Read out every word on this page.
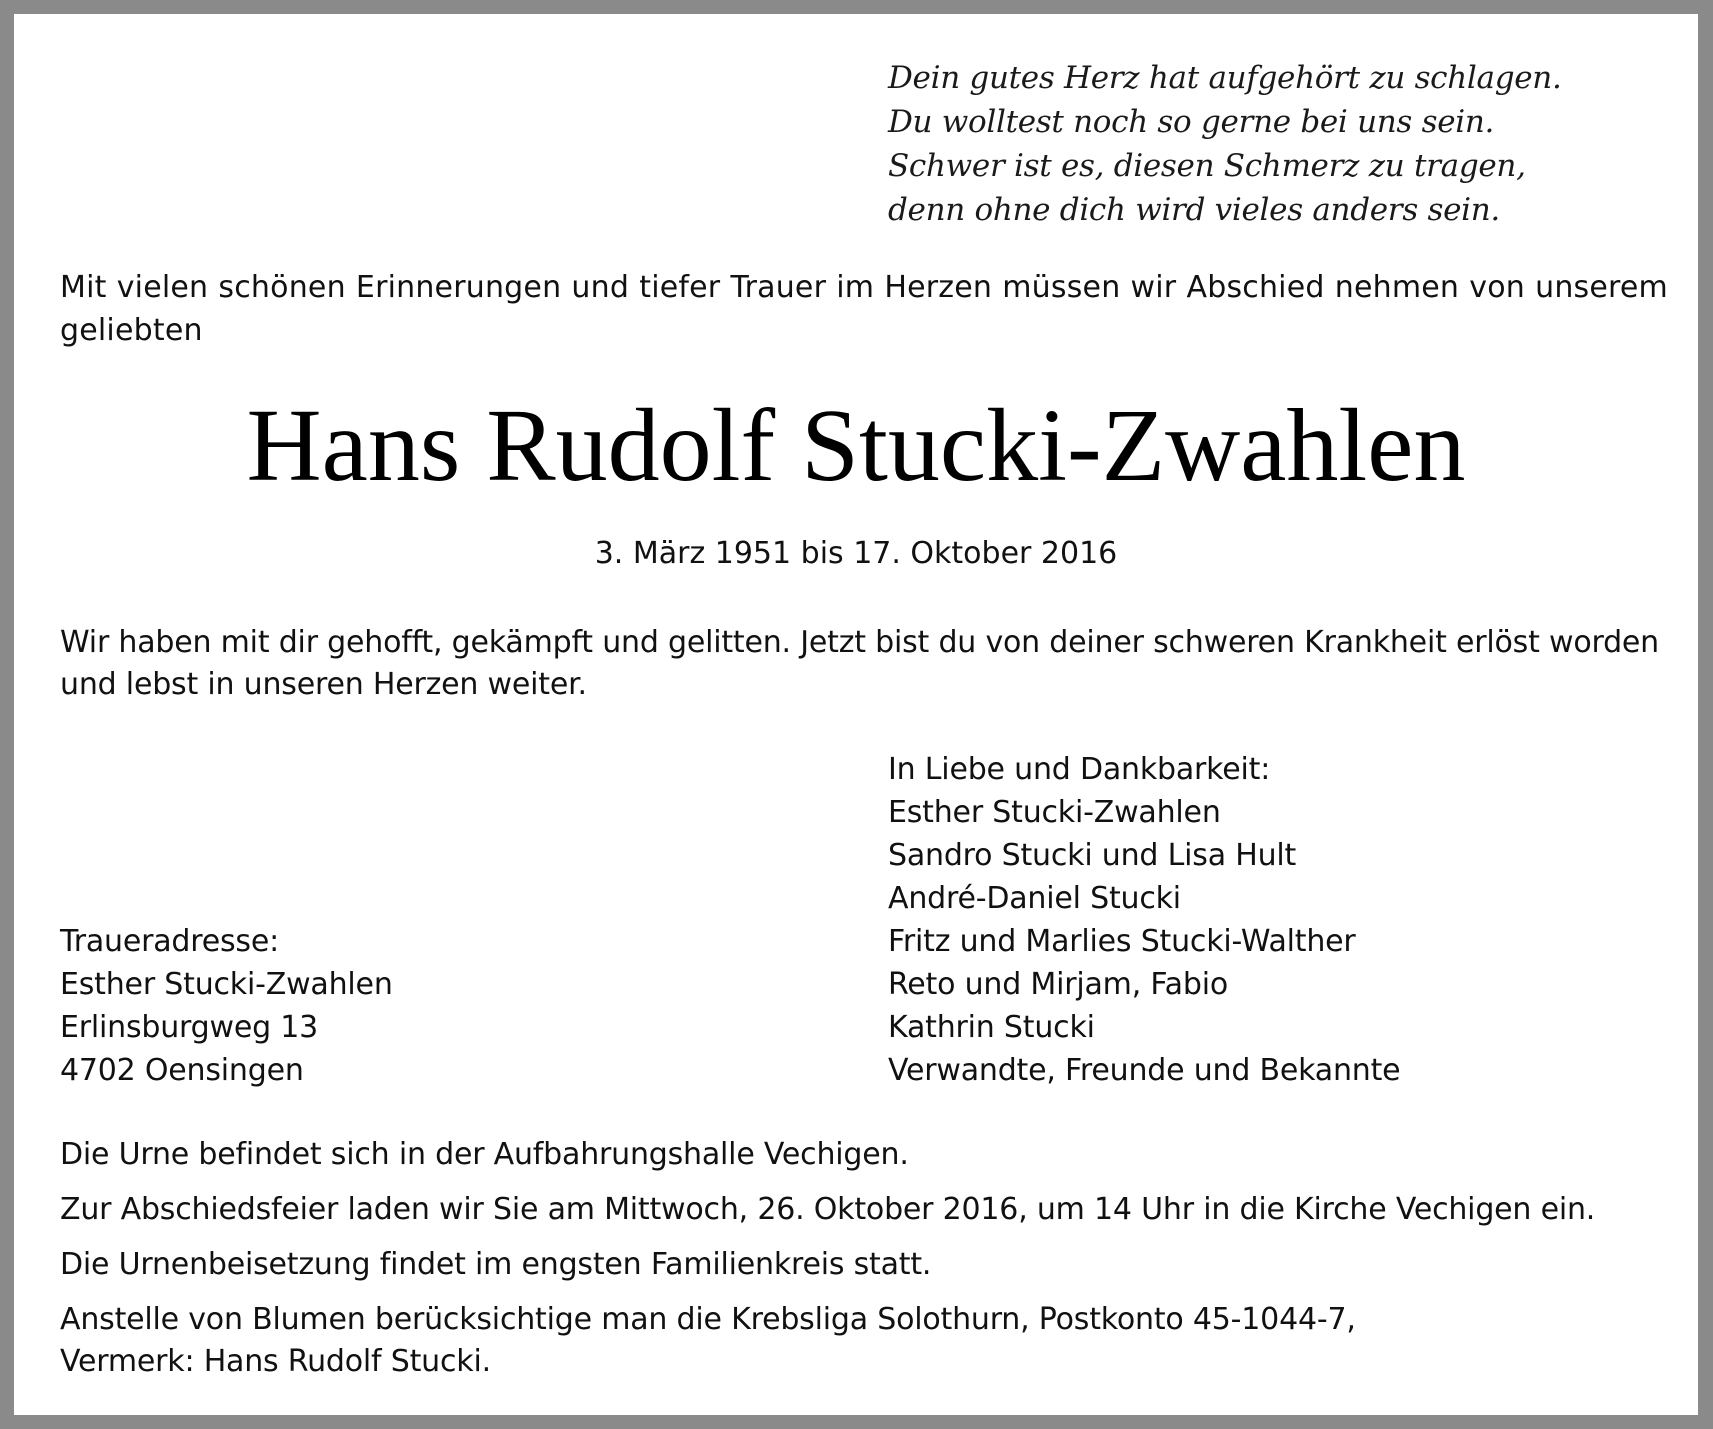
Dein gutes Herz hat aufgehört zu schlagen.
Du wolltest noch so gerne bei uns sein.
Schwer ist es, diesen Schmerz zu tragen,
denn ohne dich wird vieles anders sein.
Mit vielen schönen Erinnerungen und tiefer Trauer im Herzen müssen wir Abschied nehmen von unserem geliebten
Hans Rudolf Stucki-Zwahlen
3. März 1951 bis 17. Oktober 2016
Wir haben mit dir gehofft, gekämpft und gelitten. Jetzt bist du von deiner schweren Krankheit erlöst worden und lebst in unseren Herzen weiter.
In Liebe und Dankbarkeit:
Esther Stucki-Zwahlen
Sandro Stucki und Lisa Hult
André-Daniel Stucki
Fritz und Marlies Stucki-Walther
Reto und Mirjam, Fabio
Kathrin Stucki
Verwandte, Freunde und Bekannte
Traueradresse:
Esther Stucki-Zwahlen
Erlinsburgweg 13
4702 Oensingen

Die Urne befindet sich in der Aufbahrungshalle Vechigen.

Zur Abschiedsfeier laden wir Sie am Mittwoch, 26. Oktober 2016, um 14 Uhr in die Kirche Vechigen ein.

Die Urnenbeisetzung findet im engsten Familienkreis statt.

Anstelle von Blumen berücksichtige man die Krebsliga Solothurn, Postkonto 45-1044-7,
Vermerk: Hans Rudolf Stucki.
